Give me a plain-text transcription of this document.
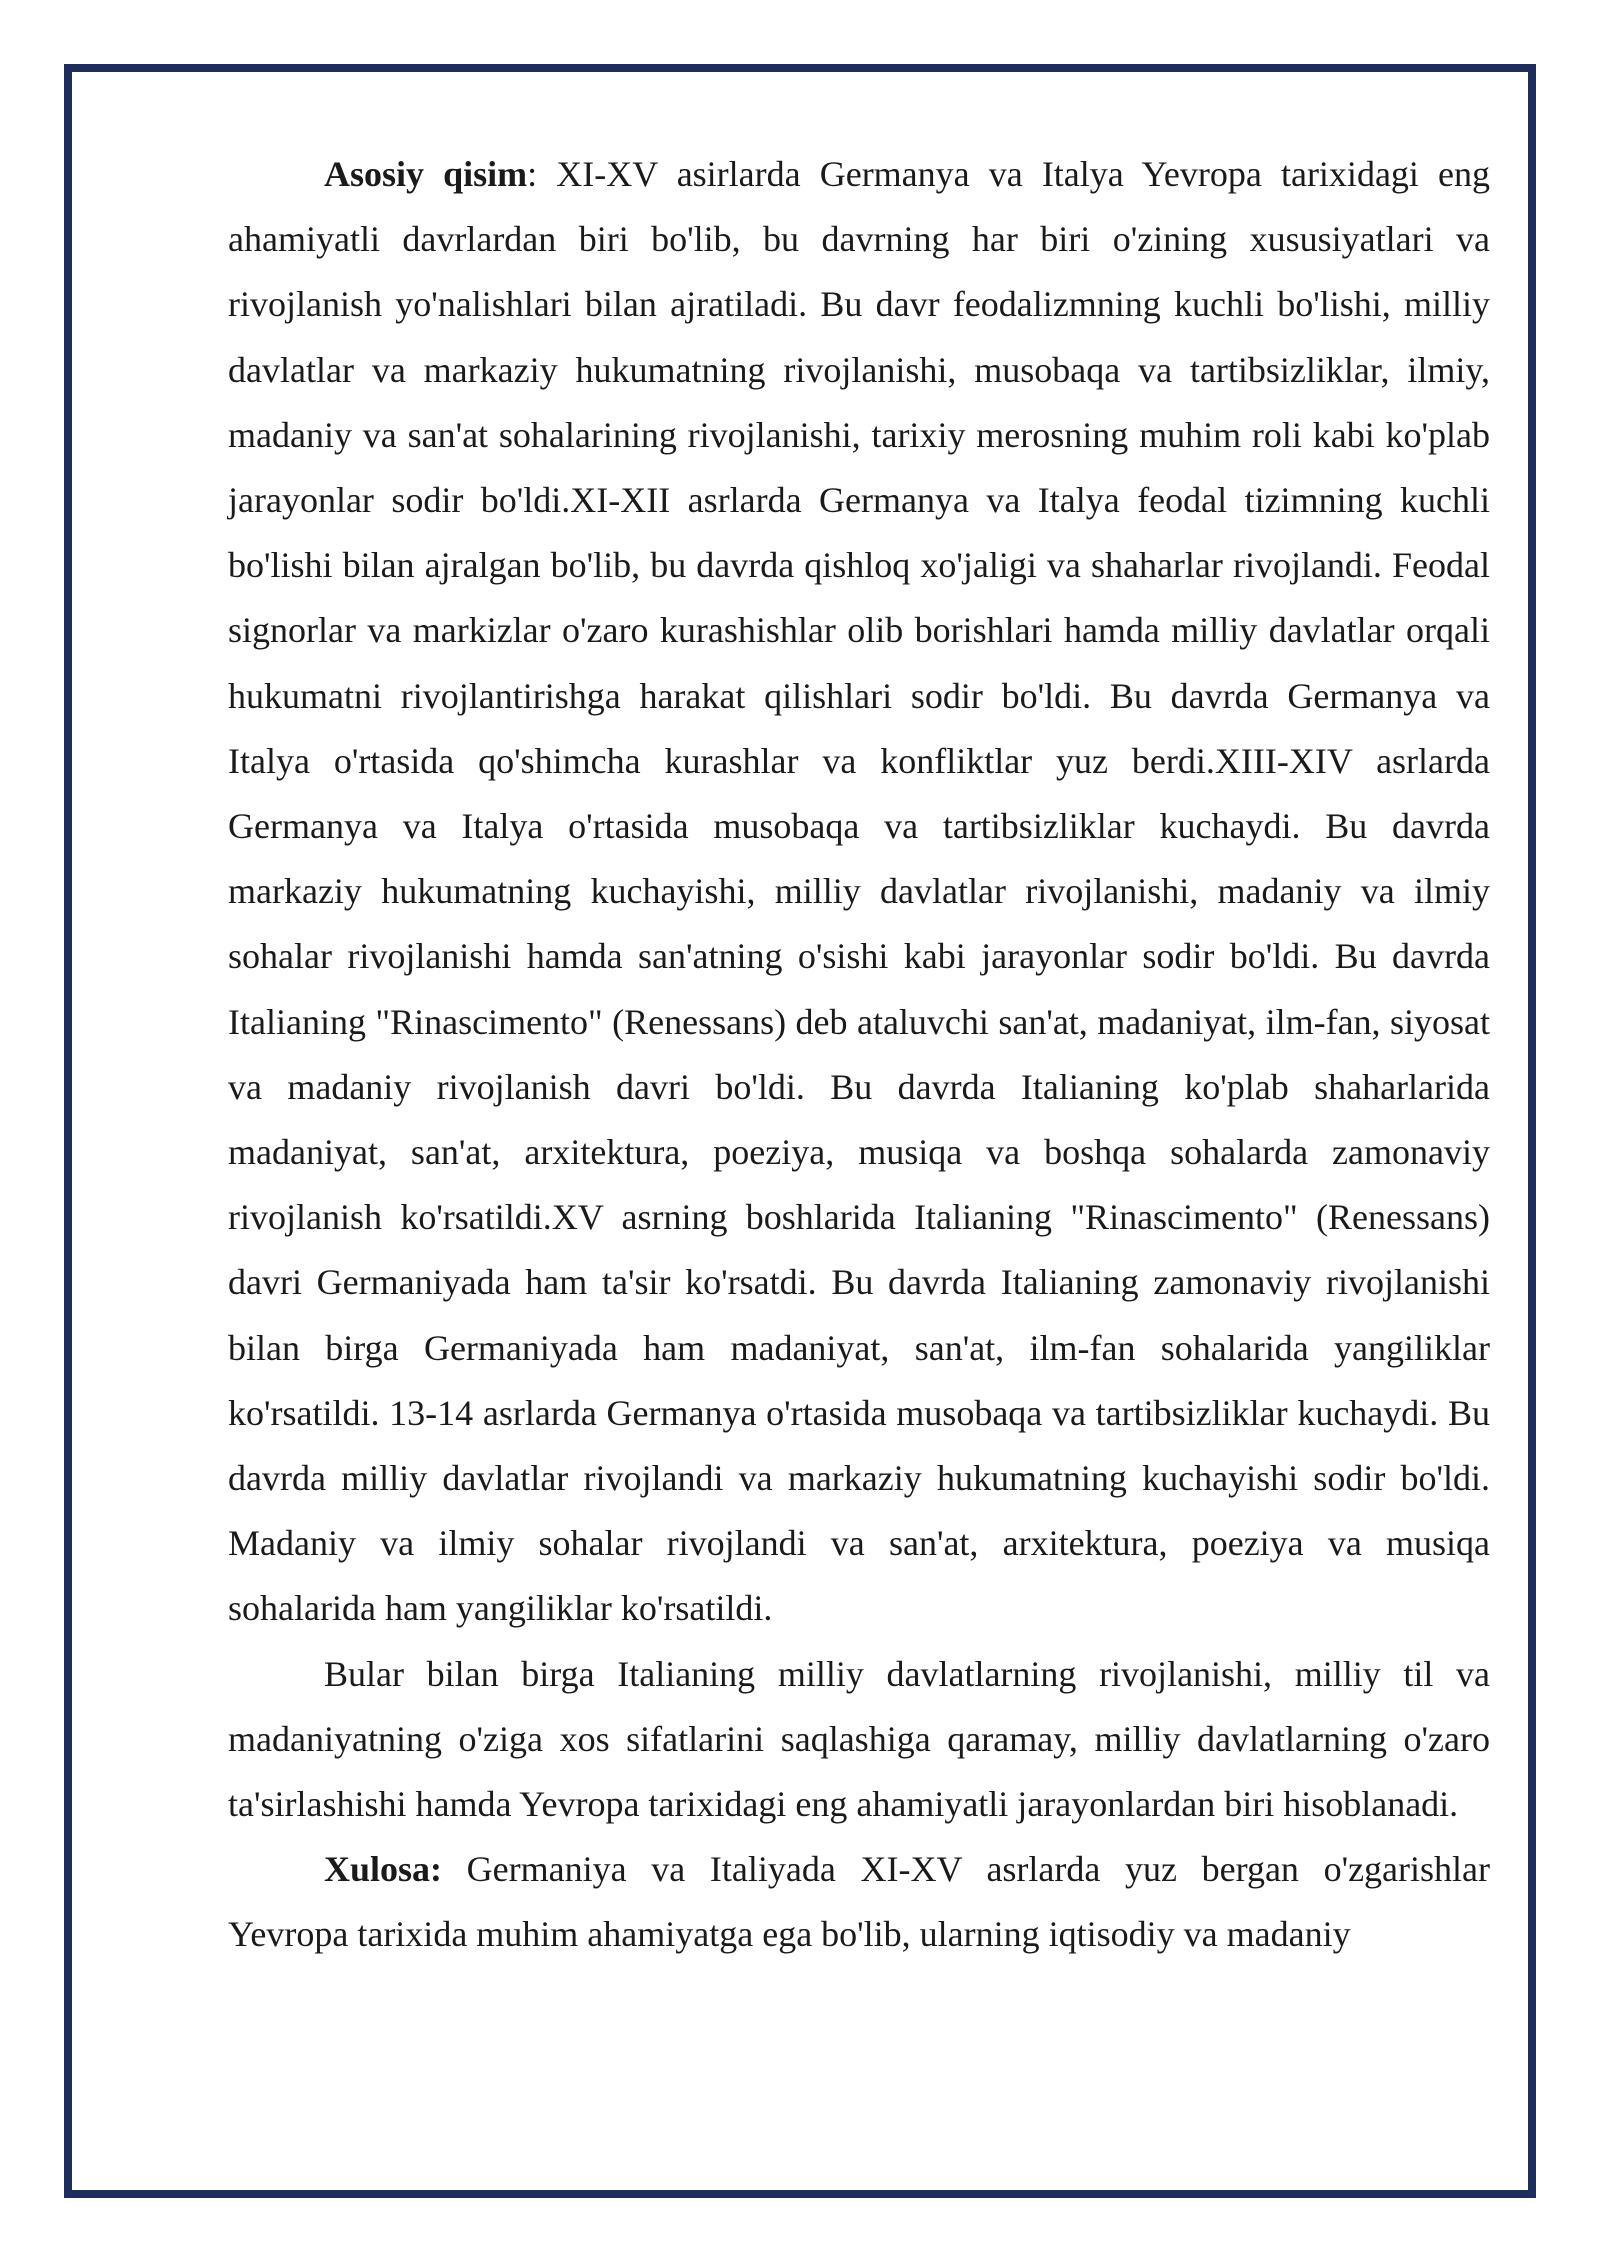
Asosiy qisim: XI-XV asirlarda Germanya va Italya Yevropa tarixidagi eng ahamiyatli davrlardan biri bo'lib, bu davrning har biri o'zining xususiyatlari va rivojlanish yo'nalishlari bilan ajratiladi. Bu davr feodalizmning kuchli bo'lishi, milliy davlatlar va markaziy hukumatning rivojlanishi, musobaqa va tartibsizliklar, ilmiy, madaniy va san'at sohalarining rivojlanishi, tarixiy merosning muhim roli kabi ko'plab jarayonlar sodir bo'ldi.XI-XII asrlarda Germanya va Italya feodal tizimning kuchli bo'lishi bilan ajralgan bo'lib, bu davrda qishloq xo'jaligi va shaharlar rivojlandi. Feodal signorlar va markizlar o'zaro kurashishlar olib borishlari hamda milliy davlatlar orqali hukumatni rivojlantirishga harakat qilishlari sodir bo'ldi. Bu davrda Germanya va Italya o'rtasida qo'shimcha kurashlar va konfliktlar yuz berdi.XIII-XIV asrlarda Germanya va Italya o'rtasida musobaqa va tartibsizliklar kuchaydi. Bu davrda markaziy hukumatning kuchayishi, milliy davlatlar rivojlanishi, madaniy va ilmiy sohalar rivojlanishi hamda san'atning o'sishi kabi jarayonlar sodir bo'ldi. Bu davrda Italianing "Rinascimento" (Renessans) deb ataluvchi san'at, madaniyat, ilm-fan, siyosat va madaniy rivojlanish davri bo'ldi. Bu davrda Italianing ko'plab shaharlarida madaniyat, san'at, arxitektura, poeziya, musiqa va boshqa sohalarda zamonaviy rivojlanish ko'rsatildi.XV asrning boshlarida Italianing "Rinascimento" (Renessans) davri Germaniyada ham ta'sir ko'rsatdi. Bu davrda Italianing zamonaviy rivojlanishi bilan birga Germaniyada ham madaniyat, san'at, ilm-fan sohalarida yangiliklar ko'rsatildi. 13-14 asrlarda Germanya o'rtasida musobaqa va tartibsizliklar kuchaydi. Bu davrda milliy davlatlar rivojlandi va markaziy hukumatning kuchayishi sodir bo'ldi. Madaniy va ilmiy sohalar rivojlandi va san'at, arxitektura, poeziya va musiqa sohalarida ham yangiliklar ko'rsatildi.

Bular bilan birga Italianing milliy davlatlarning rivojlanishi, milliy til va madaniyatning o'ziga xos sifatlarini saqlashiga qaramay, milliy davlatlarning o'zaro ta'sirlashishi hamda Yevropa tarixidagi eng ahamiyatli jarayonlardan biri hisoblanadi.

Xulosa: Germaniya va Italiyada XI-XV asrlarda yuz bergan o'zgarishlar Yevropa tarixida muhim ahamiyatga ega bo'lib, ularning iqtisodiy va madaniy
